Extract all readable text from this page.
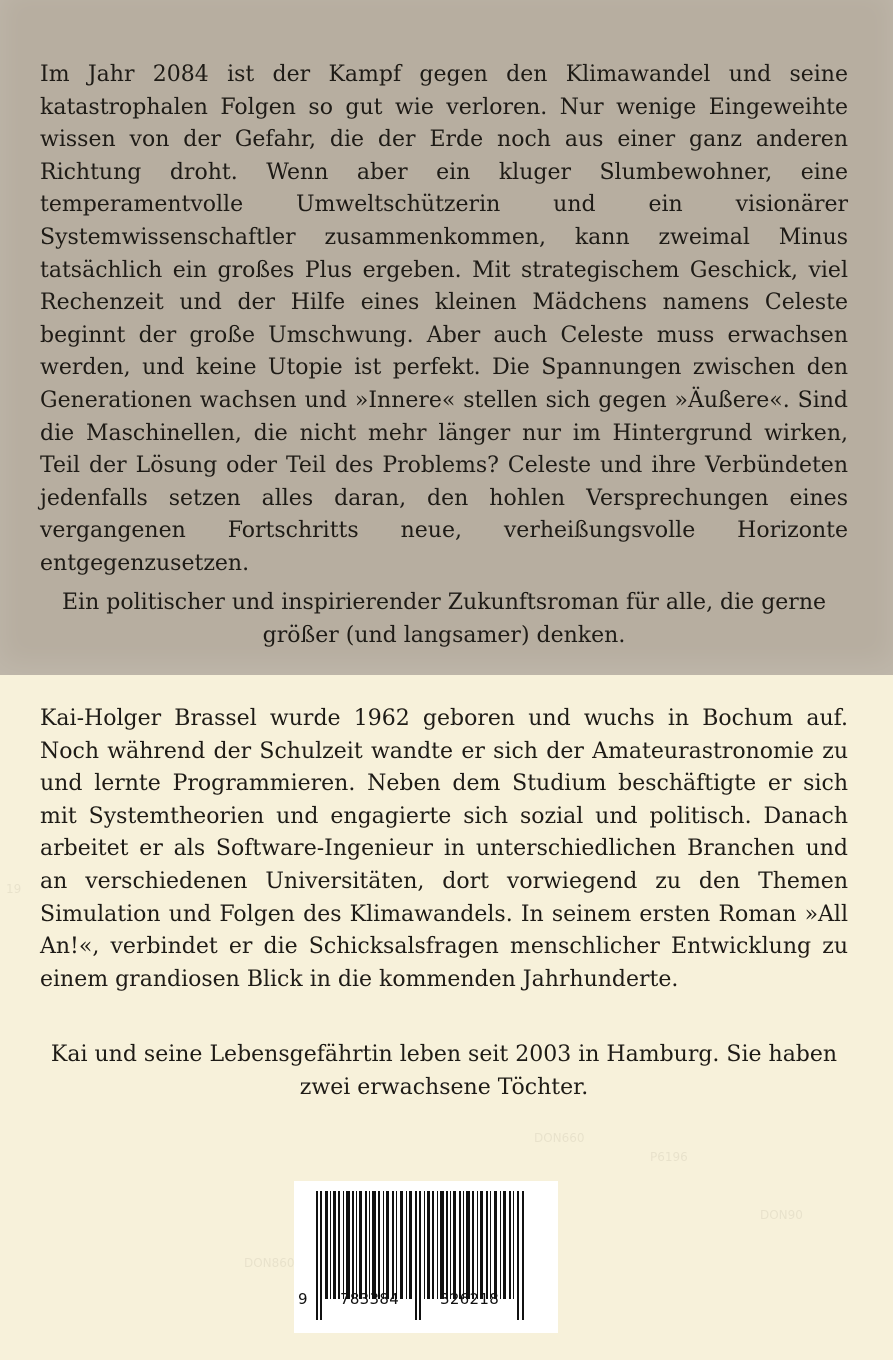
Im Jahr 2084 ist der Kampf gegen den Klimawandel und seine katastrophalen Folgen so gut wie verloren. Nur wenige Eingeweihte wissen von der Gefahr, die der Erde noch aus einer ganz anderen Richtung droht. Wenn aber ein kluger Slumbewohner, eine temperamentvolle Umweltschützerin und ein visionärer Systemwissenschaftler zusammenkommen, kann zweimal Minus tatsächlich ein großes Plus ergeben. Mit strategischem Geschick, viel Rechenzeit und der Hilfe eines kleinen Mädchens namens Celeste beginnt der große Umschwung. Aber auch Celeste muss erwachsen werden, und keine Utopie ist perfekt. Die Spannungen zwischen den Generationen wachsen und »Innere« stellen sich gegen »Äußere«. Sind die Maschinellen, die nicht mehr länger nur im Hintergrund wirken, Teil der Lösung oder Teil des Problems? Celeste und ihre Verbündeten jedenfalls setzen alles daran, den hohlen Versprechungen eines vergangenen Fortschritts neue, verheißungsvolle Horizonte entgegenzusetzen.
Ein politischer und inspirierender Zukunftsroman für alle, die gerne größer (und langsamer) denken.
Kai-Holger Brassel wurde 1962 geboren und wuchs in Bochum auf. Noch während der Schulzeit wandte er sich der Amateurastronomie zu und lernte Programmieren. Neben dem Studium beschäftigte er sich mit Systemtheorien und engagierte sich sozial und politisch. Danach arbeitet er als Software-Ingenieur in unterschiedlichen Branchen und an verschiedenen Universitäten, dort vorwiegend zu den Themen Simulation und Folgen des Klimawandels. In seinem ersten Roman »All An!«, verbindet er die Schicksalsfragen menschlicher Entwicklung zu einem grandiosen Blick in die kommenden Jahrhunderte.
Kai und seine Lebensgefährtin leben seit 2003 in Hamburg. Sie haben zwei erwachsene Töchter.
9 783384	326218
